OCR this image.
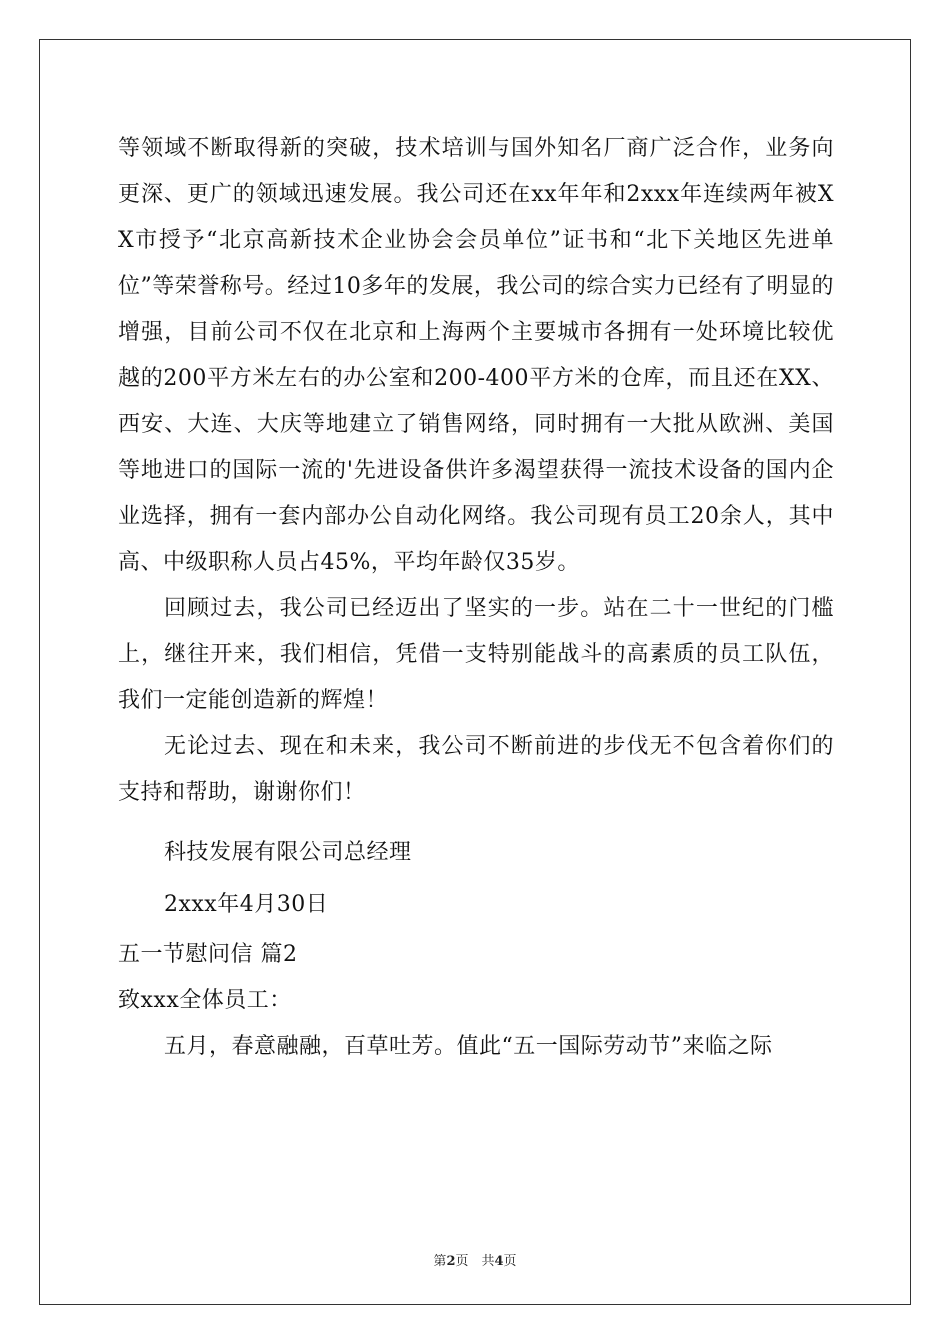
等领域不断取得新的突破，技术培训与国外知名厂商广泛合作，业务向更深、更广的领域迅速发展。我公司还在xx年年和2xxx年连续两年被XX市授予“北京高新技术企业协会会员单位”证书和“北下关地区先进单位”等荣誉称号。经过10多年的发展，我公司的综合实力已经有了明显的增强，目前公司不仅在北京和上海两个主要城市各拥有一处环境比较优越的200平方米左右的办公室和200-400平方米的仓库，而且还在XX、西安、大连、大庆等地建立了销售网络，同时拥有一大批从欧洲、美国等地进口的国际一流的'先进设备供许多渴望获得一流技术设备的国内企业选择，拥有一套内部办公自动化网络。我公司现有员工20余人，其中高、中级职称人员占45%，平均年龄仅35岁。

回顾过去，我公司已经迈出了坚实的一步。站在二十一世纪的门槛上，继往开来，我们相信，凭借一支特别能战斗的高素质的员工队伍，我们一定能创造新的辉煌！

无论过去、现在和未来，我公司不断前进的步伐无不包含着你们的支持和帮助，谢谢你们！

科技发展有限公司总经理

2xxx年4月30日

五一节慰问信 篇2

致xxx全体员工：

五月，春意融融，百草吐芳。值此“五一国际劳动节”来临之际

第2页　共4页
